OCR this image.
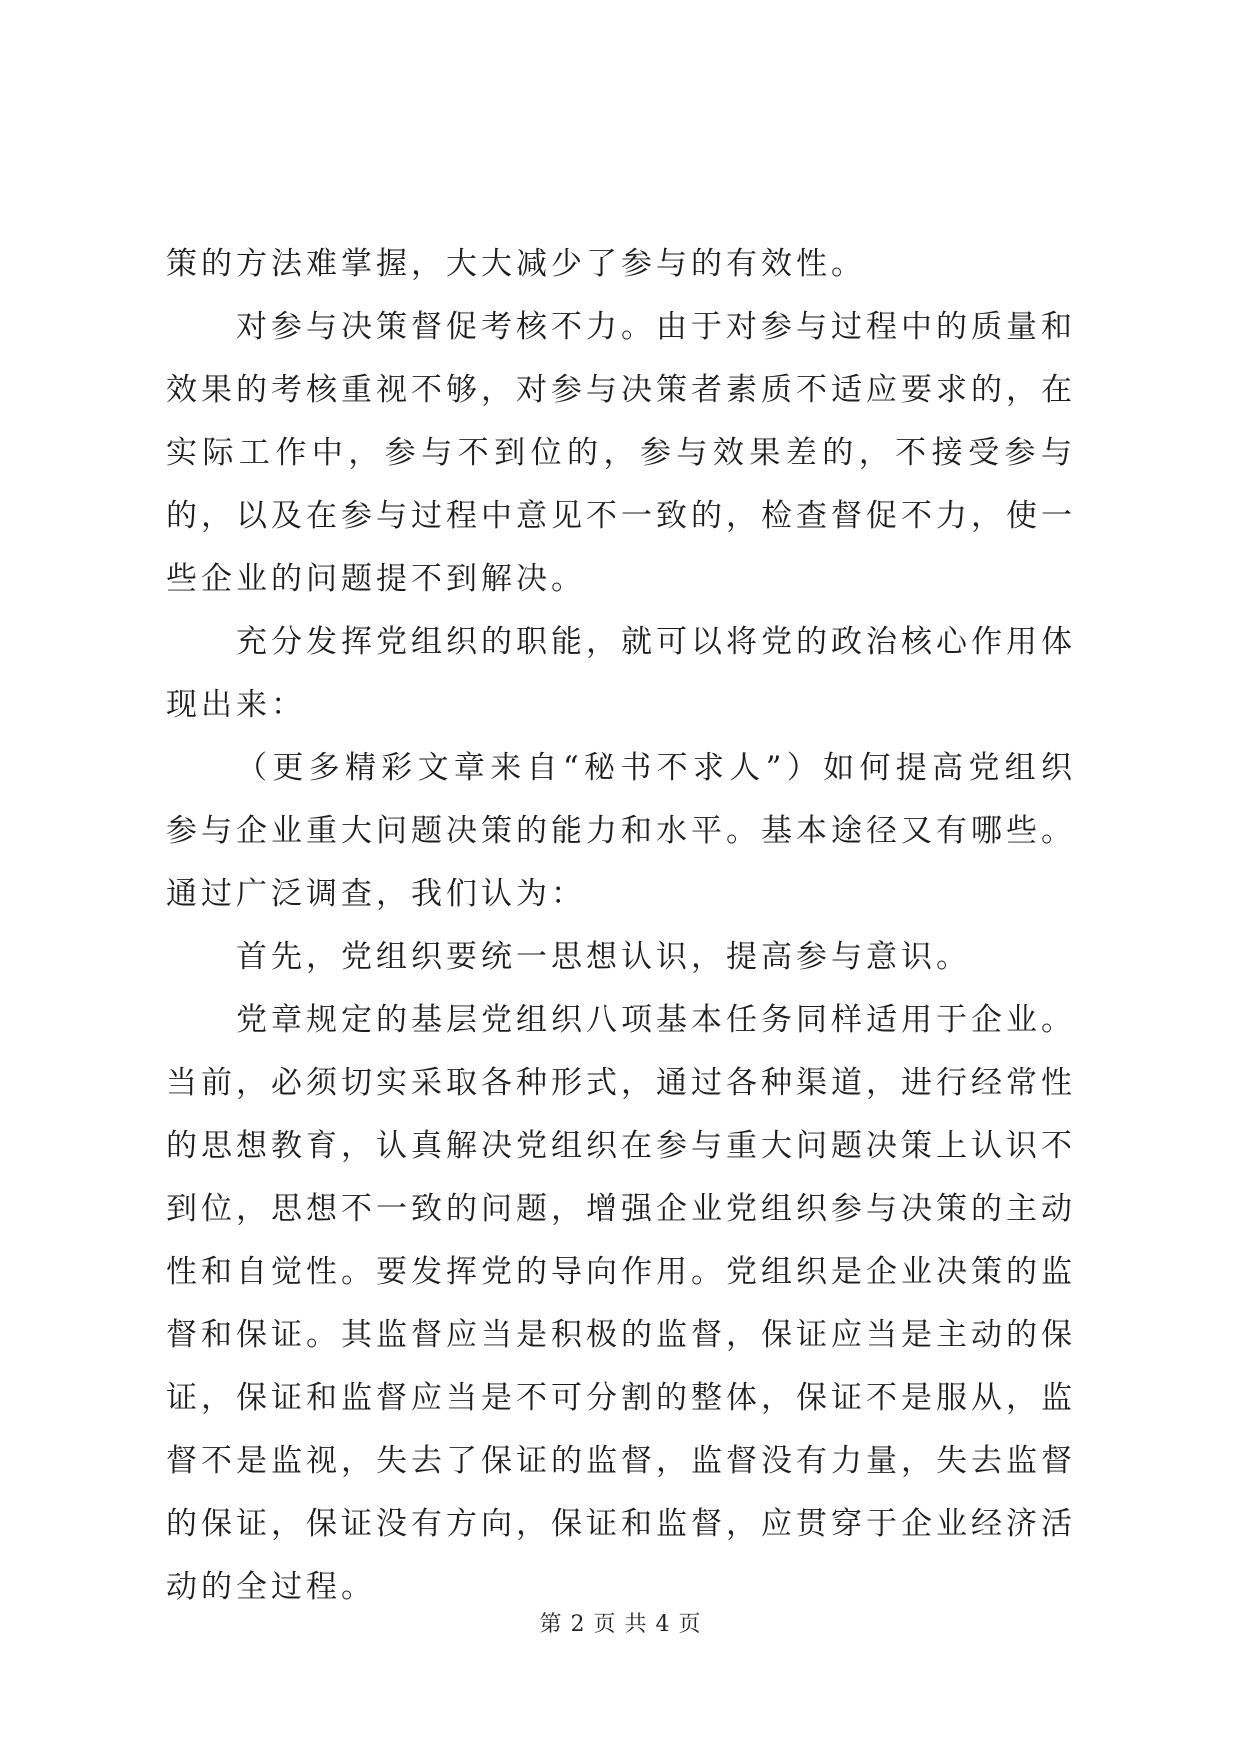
策的方法难掌握，大大减少了参与的有效性。

对参与决策督促考核不力。由于对参与过程中的质量和效果的考核重视不够，对参与决策者素质不适应要求的，在实际工作中，参与不到位的，参与效果差的，不接受参与的，以及在参与过程中意见不一致的，检查督促不力，使一些企业的问题提不到解决。

充分发挥党组织的职能，就可以将党的政治核心作用体现出来：

（更多精彩文章来自“秘书不求人”）如何提高党组织参与企业重大问题决策的能力和水平。基本途径又有哪些。通过广泛调查，我们认为：

首先，党组织要统一思想认识，提高参与意识。

党章规定的基层党组织八项基本任务同样适用于企业。当前，必须切实采取各种形式，通过各种渠道，进行经常性的思想教育，认真解决党组织在参与重大问题决策上认识不到位，思想不一致的问题，增强企业党组织参与决策的主动性和自觉性。要发挥党的导向作用。党组织是企业决策的监督和保证。其监督应当是积极的监督，保证应当是主动的保证，保证和监督应当是不可分割的整体，保证不是服从，监督不是监视，失去了保证的监督，监督没有力量，失去监督的保证，保证没有方向，保证和监督，应贯穿于企业经济活动的全过程。

第 2 页 共 4 页
